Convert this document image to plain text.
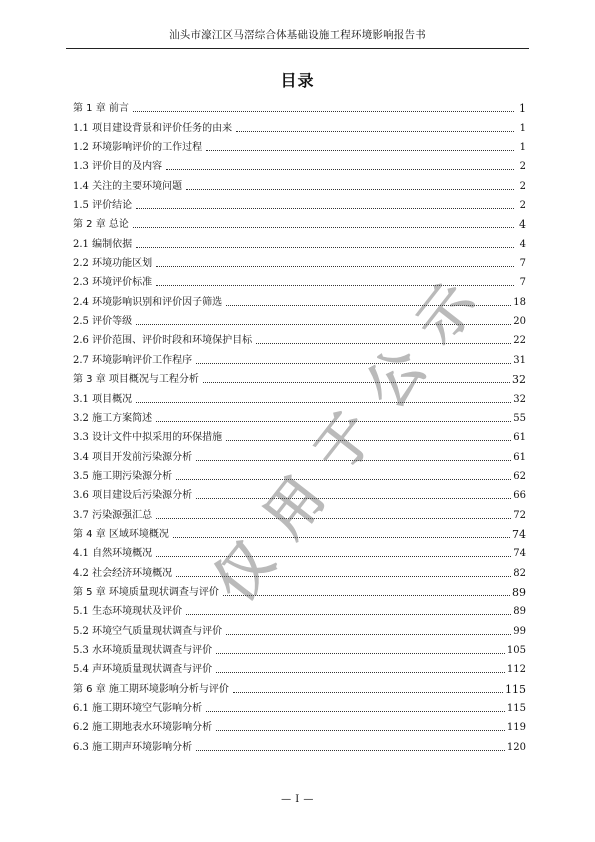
汕头市濠江区马滘综合体基础设施工程环境影响报告书
目录
第 1 章 前言	1
1.1 项目建设背景和评价任务的由来	1
1.2 环境影响评价的工作过程	1
1.3 评价目的及内容	2
1.4 关注的主要环境问题	2
1.5 评价结论	2
第 2 章 总论	4
2.1 编制依据	4
2.2 环境功能区划	7
2.3 环境评价标准	7
2.4 环境影响识别和评价因子筛选	18
2.5 评价等级	20
2.6 评价范围、评价时段和环境保护目标	22
2.7 环境影响评价工作程序	31
第 3 章 项目概况与工程分析	32
3.1 项目概况	32
3.2 施工方案简述	55
3.3 设计文件中拟采用的环保措施	61
3.4 项目开发前污染源分析	61
3.5 施工期污染源分析	62
3.6 项目建设后污染源分析	66
3.7 污染源强汇总	72
第 4 章 区域环境概况	74
4.1 自然环境概况	74
4.2 社会经济环境概况	82
第 5 章 环境质量现状调查与评价	89
5.1 生态环境现状及评价	89
5.2 环境空气质量现状调查与评价	99
5.3 水环境质量现状调查与评价	105
5.4 声环境质量现状调查与评价	112
第 6 章 施工期环境影响分析与评价	115
6.1 施工期环境空气影响分析	115
6.2 施工期地表水环境影响分析	119
6.3 施工期声环境影响分析	120
仅用于公示
— I —
